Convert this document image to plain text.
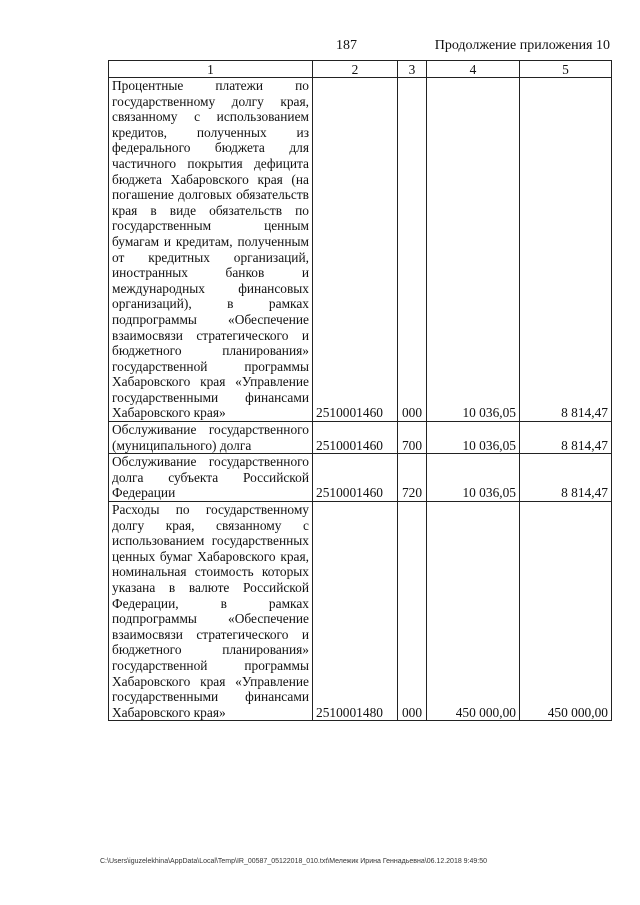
187	Продолжение приложения 10
1	2	3	4	5
Процентные платежи по государственному долгу края, связанному с использованием кредитов, полученных из федерального бюджета для частичного покрытия дефицита бюджета Хабаровского края (на погашение долговых обязательств края в виде обязательств по государственным ценным бумагам и кредитам, полученным от кредитных организаций, иностранных банков и международных финансовых организаций), в рамках подпрограммы «Обеспечение взаимосвязи стратегического и бюджетного планирования» государственной программы Хабаровского края «Управление государственными финансами Хабаровского края»	2510001460	000	10 036,05	8 814,47
Обслуживание государственного (муниципального) долга	2510001460	700	10 036,05	8 814,47
Обслуживание государственного долга субъекта Российской Федерации	2510001460	720	10 036,05	8 814,47
Расходы по государственному долгу края, связанному с использованием государственных ценных бумаг Хабаровского края, номинальная стоимость которых указана в валюте Российской Федерации, в рамках подпрограммы «Обеспечение взаимосвязи стратегического и бюджетного планирования» государственной программы Хабаровского края «Управление государственными финансами Хабаровского края»	2510001480	000	450 000,00	450 000,00
C:\Users\iguzelekhina\AppData\Local\Temp\IR_00587_05122018_010.txt\Мележик Ирина Геннадьевна\06.12.2018 9:49:50
